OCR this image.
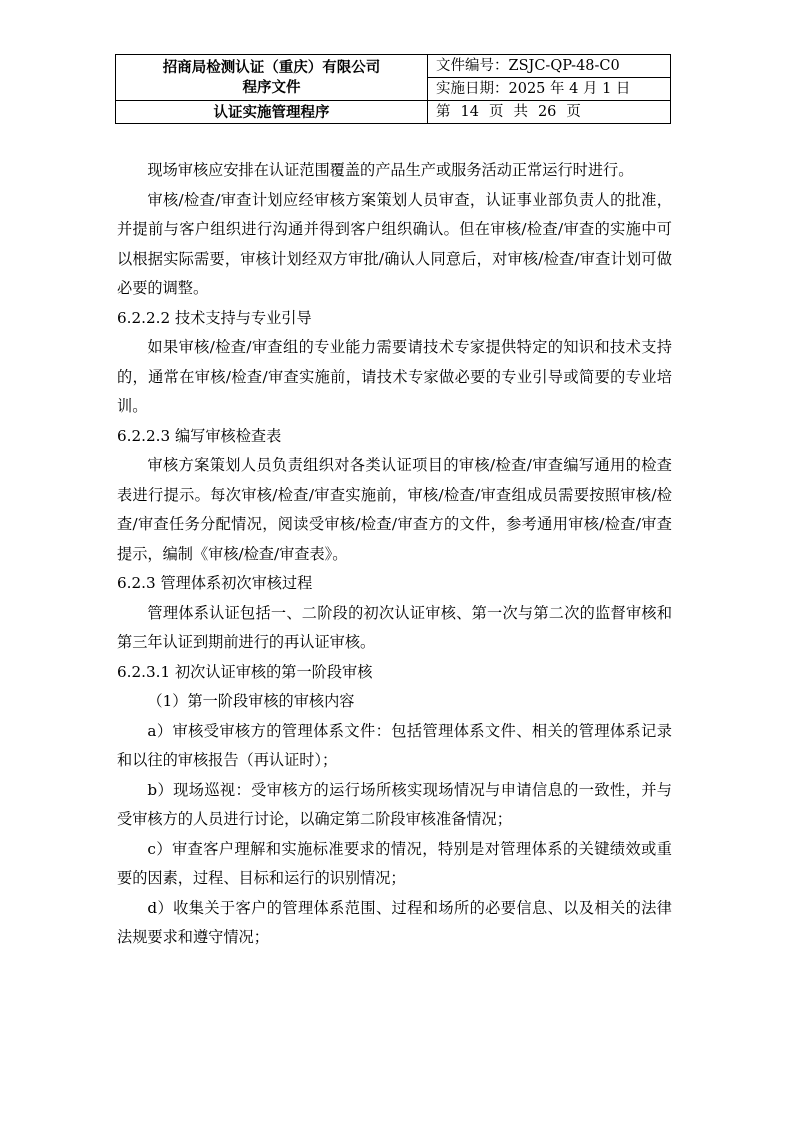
招商局检测认证（重庆）有限公司
程序文件	文件编号：ZSJC-QP-48-C0
	实施日期：2025 年 4 月 1 日
认证实施管理程序	第 14 页 共 26 页

现场审核应安排在认证范围覆盖的产品生产或服务活动正常运行时进行。

审核/检查/审查计划应经审核方案策划人员审查，认证事业部负责人的批准，并提前与客户组织进行沟通并得到客户组织确认。但在审核/检查/审查的实施中可以根据实际需要，审核计划经双方审批/确认人同意后，对审核/检查/审查计划可做必要的调整。

6.2.2.2 技术支持与专业引导

如果审核/检查/审查组的专业能力需要请技术专家提供特定的知识和技术支持的，通常在审核/检查/审查实施前，请技术专家做必要的专业引导或简要的专业培训。

6.2.2.3 编写审核检查表

审核方案策划人员负责组织对各类认证项目的审核/检查/审查编写通用的检查表进行提示。每次审核/检查/审查实施前，审核/检查/审查组成员需要按照审核/检查/审查任务分配情况，阅读受审核/检查/审查方的文件，参考通用审核/检查/审查提示，编制《审核/检查/审查表》。

6.2.3 管理体系初次审核过程

管理体系认证包括一、二阶段的初次认证审核、第一次与第二次的监督审核和第三年认证到期前进行的再认证审核。

6.2.3.1 初次认证审核的第一阶段审核

（1）第一阶段审核的审核内容

a）审核受审核方的管理体系文件：包括管理体系文件、相关的管理体系记录和以往的审核报告（再认证时）；

b）现场巡视：受审核方的运行场所核实现场情况与申请信息的一致性，并与受审核方的人员进行讨论，以确定第二阶段审核准备情况；

c）审查客户理解和实施标准要求的情况，特别是对管理体系的关键绩效或重要的因素，过程、目标和运行的识别情况；

d）收集关于客户的管理体系范围、过程和场所的必要信息、以及相关的法律法规要求和遵守情况；
